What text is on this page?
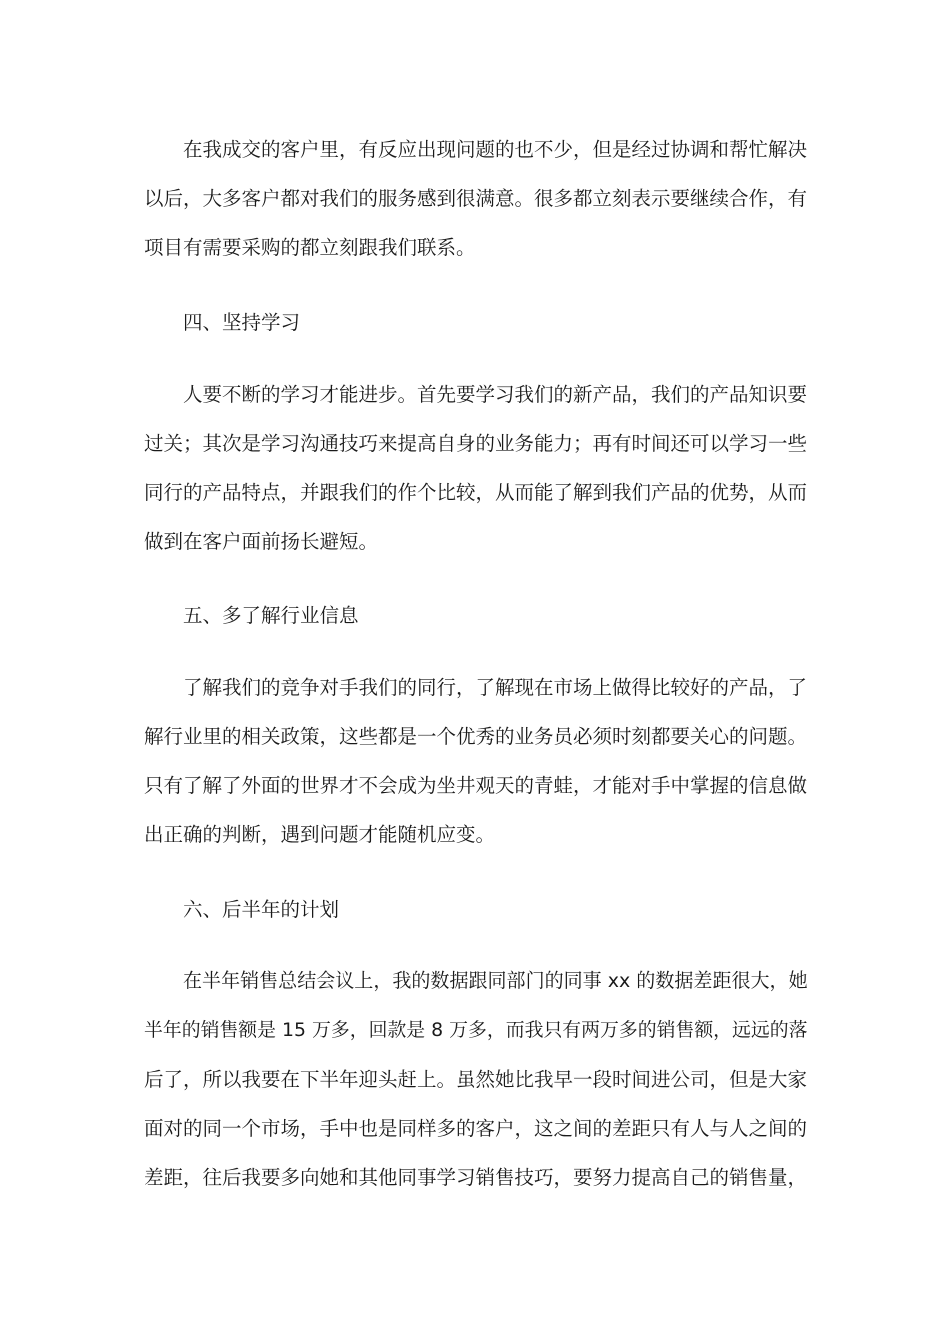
在我成交的客户里，有反应出现问题的也不少，但是经过协调和帮忙解决
以后，大多客户都对我们的服务感到很满意。很多都立刻表示要继续合作，有
项目有需要采购的都立刻跟我们联系。
四、坚持学习
人要不断的学习才能进步。首先要学习我们的新产品，我们的产品知识要
过关；其次是学习沟通技巧来提高自身的业务能力；再有时间还可以学习一些
同行的产品特点，并跟我们的作个比较，从而能了解到我们产品的优势，从而
做到在客户面前扬长避短。
五、多了解行业信息
了解我们的竞争对手我们的同行，了解现在市场上做得比较好的产品，了
解行业里的相关政策，这些都是一个优秀的业务员必须时刻都要关心的问题。
只有了解了外面的世界才不会成为坐井观天的青蛙，才能对手中掌握的信息做
出正确的判断，遇到问题才能随机应变。
六、后半年的计划
在半年销售总结会议上，我的数据跟同部门的同事 xx 的数据差距很大，她
半年的销售额是 15 万多，回款是 8 万多，而我只有两万多的销售额，远远的落
后了，所以我要在下半年迎头赶上。虽然她比我早一段时间进公司，但是大家
面对的同一个市场，手中也是同样多的客户，这之间的差距只有人与人之间的
差距，往后我要多向她和其他同事学习销售技巧，要努力提高自己的销售量，
